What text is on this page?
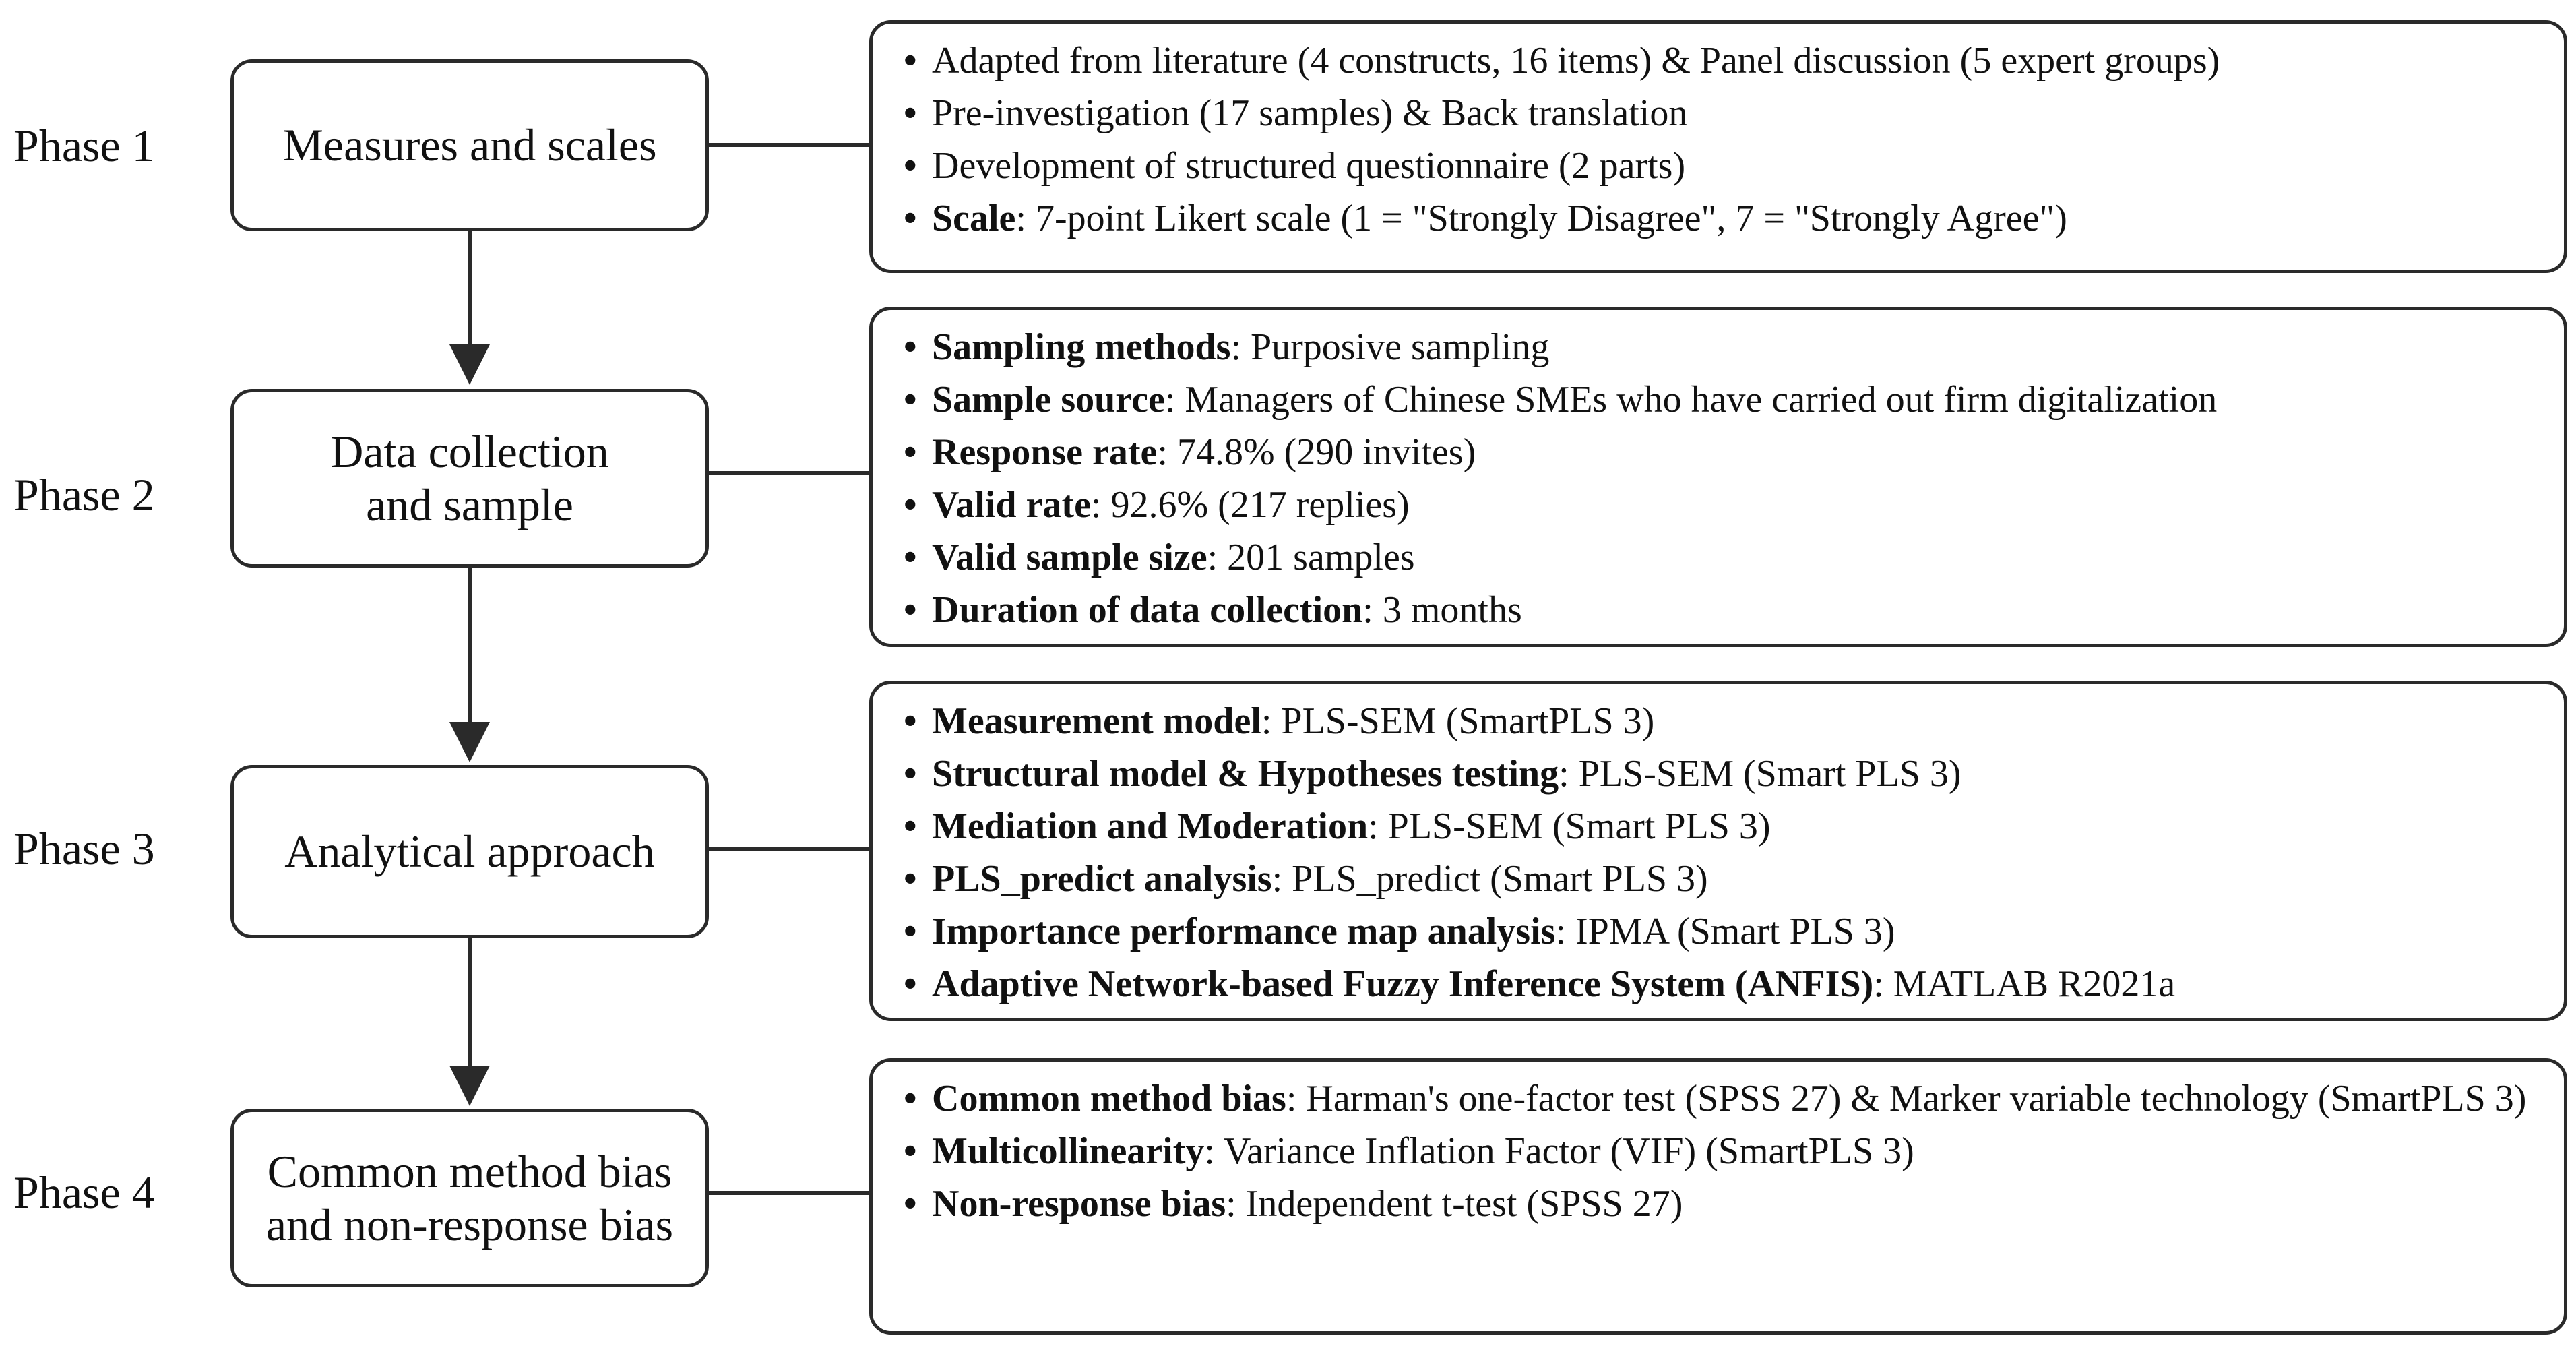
Phase 1	Measures and scales
• Adapted from literature (4 constructs, 16 items) & Panel discussion (5 expert groups)
• Pre-investigation (17 samples) & Back translation
• Development of structured questionnaire (2 parts)
• Scale: 7-point Likert scale (1 = "Strongly Disagree", 7 = "Strongly Agree")
Phase 2
Data collection
and sample
• Sampling methods: Purposive sampling
• Sample source: Managers of Chinese SMEs who have carried out firm digitalization
• Response rate: 74.8% (290 invites)
• Valid rate: 92.6% (217 replies)
• Valid sample size: 201 samples
• Duration of data collection: 3 months
Phase 3	Analytical approach
• Measurement model: PLS-SEM (SmartPLS 3)
• Structural model & Hypotheses testing: PLS-SEM (Smart PLS 3)
• Mediation and Moderation: PLS-SEM (Smart PLS 3)
• PLS_predict analysis: PLS_predict (Smart PLS 3)
• Importance performance map analysis: IPMA (Smart PLS 3)
• Adaptive Network-based Fuzzy Inference System (ANFIS): MATLAB R2021a
Phase 4	Common method bias
and non-response bias
• Common method bias: Harman's one-factor test (SPSS 27) & Marker variable technology (SmartPLS 3)
• Multicollinearity: Variance Inflation Factor (VIF) (SmartPLS 3)
• Non-response bias: Independent t-test (SPSS 27)
